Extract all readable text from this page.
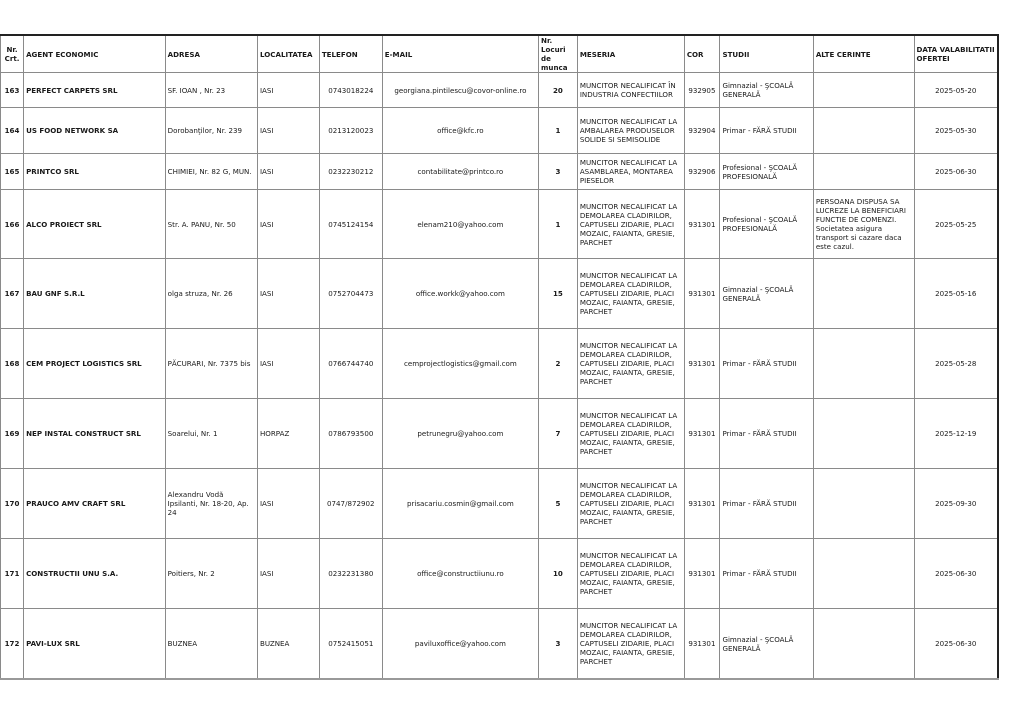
Nr. Crt.	AGENT ECONOMIC	ADRESA	LOCALITATEA	TELEFON	E-MAIL	Nr. Locuri de munca	MESERIA	COR	STUDII	ALTE CERINTE	DATA VALABILITATII OFERTEI
163	PERFECT CARPETS SRL	SF. IOAN , Nr. 23	IASI	0743018224	georgiana.pintilescu@covor-online.ro	20	MUNCITOR NECALIFICAT ÎN INDUSTRIA CONFECTIILOR	932905	Gimnazial - ŞCOALĂ GENERALĂ		2025-05-20
164	US FOOD NETWORK SA	Dorobanţilor, Nr. 239	IASI	0213120023	office@kfc.ro	1	MUNCITOR NECALIFICAT LA AMBALAREA PRODUSELOR SOLIDE SI SEMISOLIDE	932904	Primar - FĂRĂ STUDII		2025-05-30
165	PRINTCO SRL	CHIMIEI, Nr. 82 G, MUN.	IASI	0232230212	contabilitate@printco.ro	3	MUNCITOR NECALIFICAT LA ASAMBLAREA, MONTAREA PIESELOR	932906	Profesional - ŞCOALĂ PROFESIONALĂ		2025-06-30
166	ALCO PROIECT SRL	Str. A. PANU, Nr. 50	IASI	0745124154	elenam210@yahoo.com	1	MUNCITOR NECALIFICAT LA DEMOLAREA CLADIRILOR, CAPTUSELI ZIDARIE, PLACI MOZAIC, FAIANTA, GRESIE, PARCHET	931301	Profesional - ŞCOALĂ PROFESIONALĂ	PERSOANA DISPUSA SA LUCREZE LA BENEFICIARI FUNCTIE DE COMENZI. Societatea asigura transport si cazare daca este cazul.	2025-05-25
167	BAU GNF S.R.L	olga struza, Nr. 26	IASI	0752704473	office.workk@yahoo.com	15	MUNCITOR NECALIFICAT LA DEMOLAREA CLADIRILOR, CAPTUSELI ZIDARIE, PLACI MOZAIC, FAIANTA, GRESIE, PARCHET	931301	Gimnazial - ŞCOALĂ GENERALĂ		2025-05-16
168	CEM PROJECT LOGISTICS SRL	PĂCURARI, Nr. 7375 bis	IASI	0766744740	cemprojectlogistics@gmail.com	2	MUNCITOR NECALIFICAT LA DEMOLAREA CLADIRILOR, CAPTUSELI ZIDARIE, PLACI MOZAIC, FAIANTA, GRESIE, PARCHET	931301	Primar - FĂRĂ STUDII		2025-05-28
169	NEP INSTAL CONSTRUCT SRL	Soarelui, Nr. 1	HORPAZ	0786793500	petrunegru@yahoo.com	7	MUNCITOR NECALIFICAT LA DEMOLAREA CLADIRILOR, CAPTUSELI ZIDARIE, PLACI MOZAIC, FAIANTA, GRESIE, PARCHET	931301	Primar - FĂRĂ STUDII		2025-12-19
170	PRAUCO AMV CRAFT SRL	Alexandru Vodă Ipsilanti, Nr. 18-20, Ap. 24	IASI	0747/872902	prisacariu.cosmin@gmail.com	5	MUNCITOR NECALIFICAT LA DEMOLAREA CLADIRILOR, CAPTUSELI ZIDARIE, PLACI MOZAIC, FAIANTA, GRESIE, PARCHET	931301	Primar - FĂRĂ STUDII		2025-09-30
171	CONSTRUCTII UNU S.A.	Poitiers, Nr. 2	IASI	0232231380	office@constructiiunu.ro	10	MUNCITOR NECALIFICAT LA DEMOLAREA CLADIRILOR, CAPTUSELI ZIDARIE, PLACI MOZAIC, FAIANTA, GRESIE, PARCHET	931301	Primar - FĂRĂ STUDII		2025-06-30
172	PAVI-LUX SRL	BUZNEA	BUZNEA	0752415051	paviluxoffice@yahoo.com	3	MUNCITOR NECALIFICAT LA DEMOLAREA CLADIRILOR, CAPTUSELI ZIDARIE, PLACI MOZAIC, FAIANTA, GRESIE, PARCHET	931301	Gimnazial - ŞCOALĂ GENERALĂ		2025-06-30
